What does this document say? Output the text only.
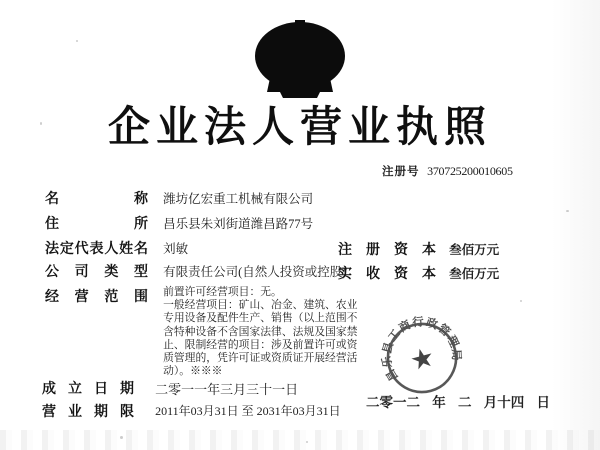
企业法人营业执照
注册号 370725200010605
名称 潍坊亿宏重工机械有限公司
住所 昌乐县朱刘街道潍昌路77号
法定代表人姓名 刘敏
公司类型 有限责任公司(自然人投资或控股)
注册资本 叁佰万元
实收资本 叁佰万元
经营范围 前置许可经营项目：无。

一般经营项目：矿山、冶金、建筑、农业专用设备及配件生产、销售（以上范围不含特种设备不含国家法律、法规及国家禁止、限制经营的项目：涉及前置许可或资质管理的，凭许可证或资质证开展经营活动）。※※※

成立日期 二零一一年三月三十一日
营业期限 2011年03月31日 至 2031年03月31日
二零一二 年 二 月十四 日
昌乐县工商行政管理局
★
